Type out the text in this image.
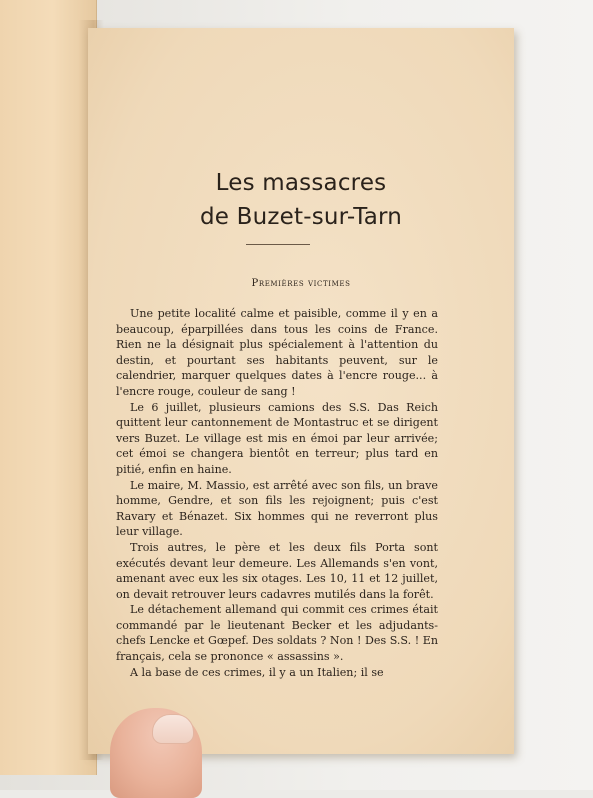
Les massacres
de Buzet-sur-Tarn
Premières victimes

Une petite localité calme et paisible, comme il y en a beaucoup, éparpillées dans tous les coins de France. Rien ne la désignait plus spécialement à l'attention du destin, et pourtant ses habitants peuvent, sur le calendrier, marquer quelques dates à l'encre rouge... à l'encre rouge, couleur de sang !

Le 6 juillet, plusieurs camions des S.S. Das Reich quittent leur cantonnement de Montastruc et se dirigent vers Buzet. Le village est mis en émoi par leur arrivée; cet émoi se changera bientôt en terreur; plus tard en pitié, enfin en haine.

Le maire, M. Massio, est arrêté avec son fils, un brave homme, Gendre, et son fils les rejoignent; puis c'est Ravary et Bénazet. Six hommes qui ne reverront plus leur village.

Trois autres, le père et les deux fils Porta sont exécutés devant leur demeure. Les Allemands s'en vont, amenant avec eux les six otages. Les 10, 11 et 12 juillet, on devait retrouver leurs cadavres mutilés dans la forêt.

Le détachement allemand qui commit ces crimes était commandé par le lieutenant Becker et les adjudants-chefs Lencke et Gœpef. Des soldats ? Non ! Des S.S. ! En français, cela se prononce « assassins ».

A la base de ces crimes, il y a un Italien; il se
